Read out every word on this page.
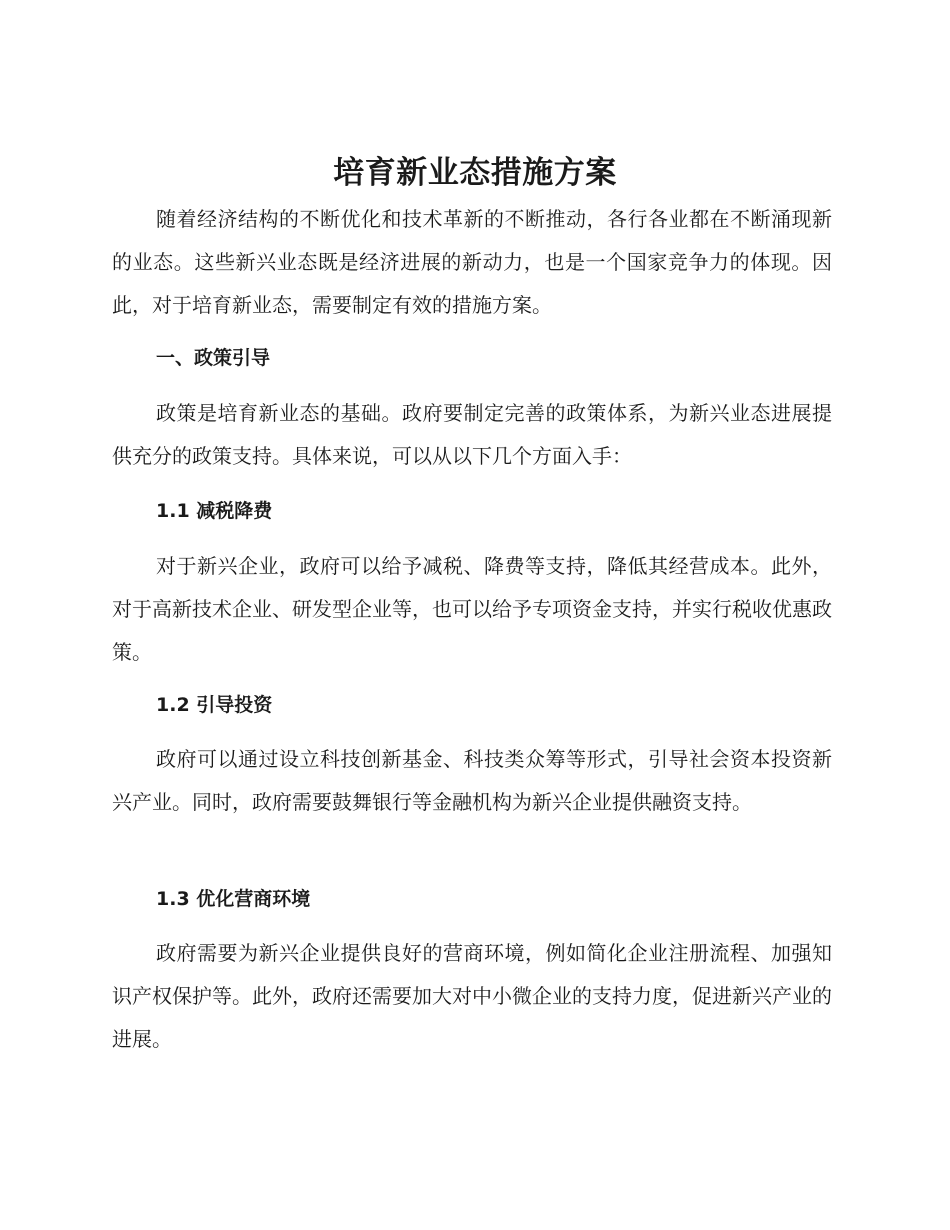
培育新业态措施方案

随着经济结构的不断优化和技术革新的不断推动，各行各业都在不断涌现新的业态。这些新兴业态既是经济进展的新动力，也是一个国家竞争力的体现。因此，对于培育新业态，需要制定有效的措施方案。

一、政策引导

政策是培育新业态的基础。政府要制定完善的政策体系，为新兴业态进展提供充分的政策支持。具体来说，可以从以下几个方面入手：

1.1 减税降费

对于新兴企业，政府可以给予减税、降费等支持，降低其经营成本。此外，对于高新技术企业、研发型企业等，也可以给予专项资金支持，并实行税收优惠政策。

1.2 引导投资

政府可以通过设立科技创新基金、科技类众筹等形式，引导社会资本投资新兴产业。同时，政府需要鼓舞银行等金融机构为新兴企业提供融资支持。

1.3 优化营商环境

政府需要为新兴企业提供良好的营商环境，例如简化企业注册流程、加强知识产权保护等。此外，政府还需要加大对中小微企业的支持力度，促进新兴产业的进展。
